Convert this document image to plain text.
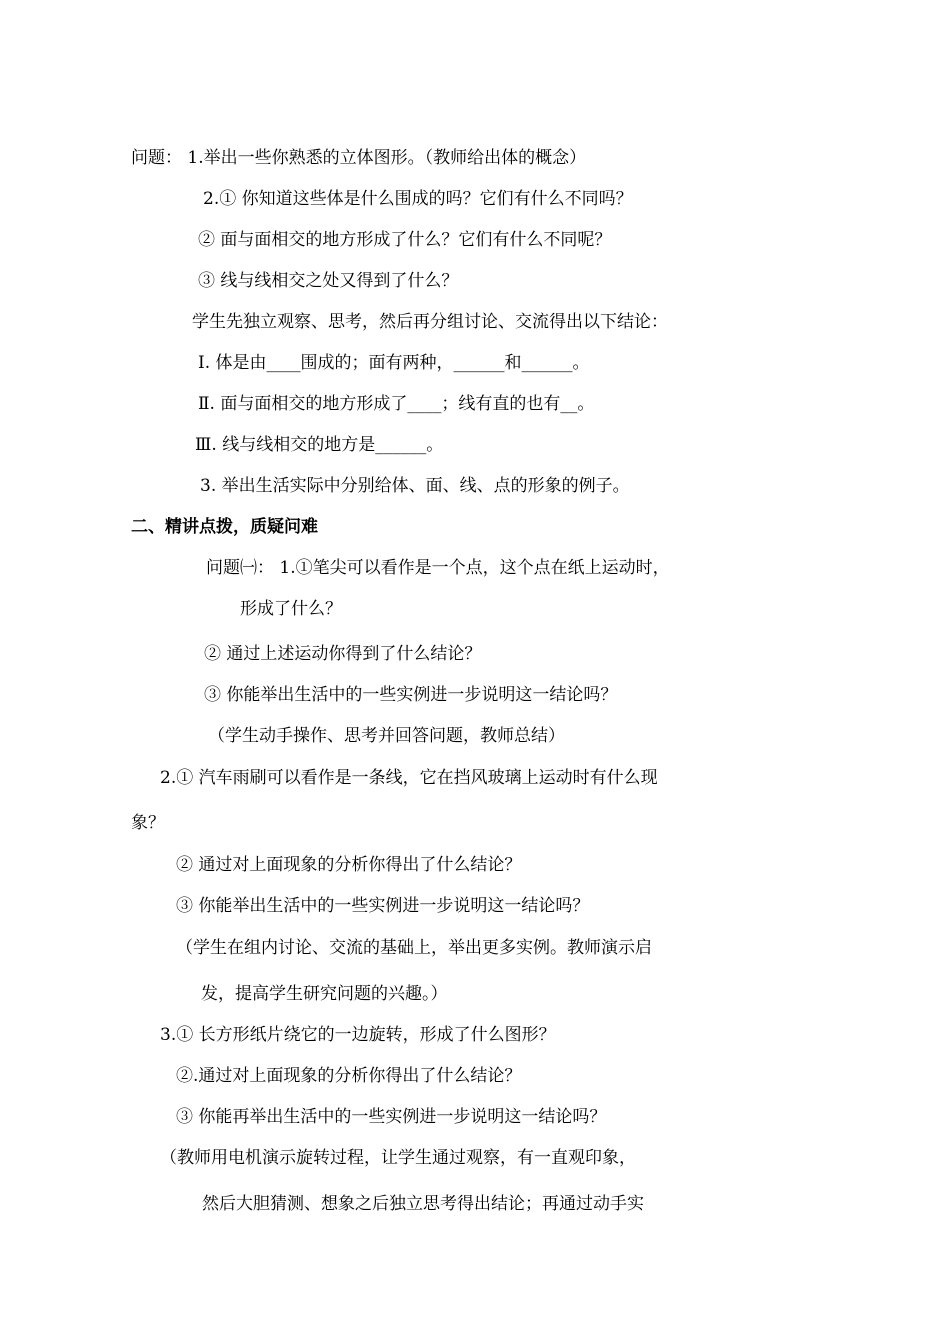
问题： 1.举出一些你熟悉的立体图形。（教师给出体的概念）
2.① 你知道这些体是什么围成的吗？它们有什么不同吗？
② 面与面相交的地方形成了什么？它们有什么不同呢？
③ 线与线相交之处又得到了什么？
学生先独立观察、思考，然后再分组讨论、交流得出以下结论：
Ⅰ. 体是由____围成的；面有两种，______和______。
Ⅱ. 面与面相交的地方形成了____；线有直的也有__。
Ⅲ. 线与线相交的地方是______。
3. 举出生活实际中分别给体、面、线、点的形象的例子。
二、精讲点拨，质疑问难
问题㈠： 1.①笔尖可以看作是一个点，这个点在纸上运动时，
形成了什么？
② 通过上述运动你得到了什么结论？
③ 你能举出生活中的一些实例进一步说明这一结论吗？
（学生动手操作、思考并回答问题，教师总结）
2.① 汽车雨刷可以看作是一条线，它在挡风玻璃上运动时有什么现
象？
② 通过对上面现象的分析你得出了什么结论？
③ 你能举出生活中的一些实例进一步说明这一结论吗？
（学生在组内讨论、交流的基础上，举出更多实例。教师演示启
发，提高学生研究问题的兴趣。）
3.① 长方形纸片绕它的一边旋转，形成了什么图形？
②.通过对上面现象的分析你得出了什么结论？
③ 你能再举出生活中的一些实例进一步说明这一结论吗？
（教师用电机演示旋转过程，让学生通过观察，有一直观印象，
然后大胆猜测、想象之后独立思考得出结论；再通过动手实
